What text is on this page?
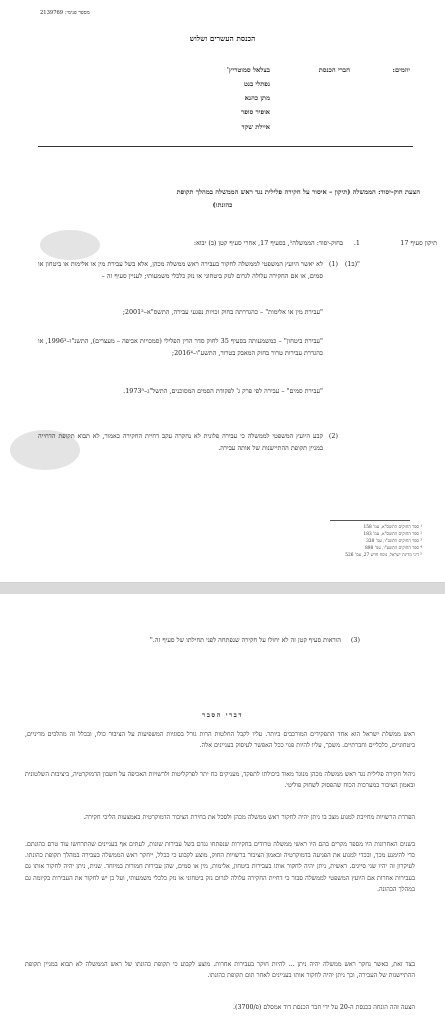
מספר פנימי: 2139769
הכנסת העשרים ושלוש
יוזמים:
חברי הכנסת
בצלאל סמוטריץ'
נפתלי בנט
מתן כהנא
אופיר סופר
איילת שקד
הצעת חוק-יסוד: הממשלה (תיקון – איסור על חקירה פלילית נגד ראש הממשלה במהלך תקופת
כהונתו)
תיקון סעיף 17
1.
בחוק-יסוד: הממשלה¹, בסעיף 17, אחרי סעיף קטן (ב) יבוא:
"(ב1)
(1)
לא יאשר היועץ המשפטי לממשלה לחקור בעבירה ראש ממשלה מכהן, אלא בשל עבירת מין או אלימות או ביטחון או סמים, או אם החקירה עלולה לגרום לנזק ביטחוני או נזק כלכלי משמעותי; לעניין סעיף זה –
"עבירת מין או אלימות" – כהגדרתה בחוק זכויות נפגעי עבירה, התשס"א–2001²;
"עבירת ביטחון" – כמשמעותה בסעיף 35 לחוק סדר הדין הפלילי (סמכויות אכיפה – מעצרים), התשנ"ו–1996³, או כהגדרת עבירות טרור בחוק המאבק בטרור, התשע"ו–2016⁴;
"עבירת סמים" – עבירה לפי פרק ג' לפקודת הסמים המסוכנים, התשל"ג–1973⁵.
(2)
קבע היועץ המשפטי לממשלה כי עבירה פלונית לא נחקרה עקב דחיית החקירה כאמור, לא תבוא תקופת הדחייה במניין תקופת ההתיישנות של אותה עבירה.
¹ ספר החוקים התשס"א, עמ' 158
² ספר החוקים התשס"א, עמ' 183
³ ספר החוקים התשנ"ו, עמ' 338
⁴ ספר החוקים התשע"ו, עמ' 898
⁵ דיני מדינת ישראל, נוסח חדש 27, עמ' 526
(3)
הוראות סעיף קטן זה לא יחולו על חקירה שנפתחה לפני תחילתו של סעיף זה."
דברי הסבר
ראש ממשלת ישראל הוא אחד התפקידים המורכבים ביותר. עליו לקבל החלטות הרות גורל בסוגיות המשפיעות על הציבור כולו, ובכלל זה מהלכים מדיניים, ביטחוניים, כלכליים וחברתיים. משכך, עליו להיות פנוי ככל האפשר לעיסוק בעניינים אלה.
ניהול חקירה פלילית נגד ראש ממשלה מכהן מנוגד מאוד ביכולתו לתפקד, מעניקים כח יתר לפרקליטות ולרשויות האכיפה על חשבון הדמוקרטיה, ביציבות השלטונית ובאמון הציבור במערכות הכוח שהפסוק לשחוק פוליטי.
הפרדת הרשויות מחייבת למנוע מצב בו ניתן יהיה לחקור ראש ממשלה מכהן ולסכל את בחירת הציבור הדמוקרטית באמצעות הליכי חקירה.
בשנים האחרונות היו מספר מקרים בהם היו ראשי ממשלה טרודים בחקירות שנפתחו נגדם בשל עבירות שונות, לעתים אף בעניינים שהתרחשו עוד טרם כהונתם. כדי להימנע מכך, ובכדי למנוע את הפגיעה בדמוקרטיה ובאמון הציבור ברשויות החוק, מוצע לקבוע כי ככלל, ייחקר ראש הממשלה בעבירה במהלך תקופת כהונתו. לעיקרון זה יהיו שני סייגים. ראשית, ניתן יהיה לחקור אותו בעבירות ביטחון, אלימות, מין או סמים, שהן עבירות חמורות במיוחד. שנית, ניתן יהיה לחקור אותו גם בעבירות אחרות אם היועץ המשפטי לממשלה סבור כי דחיית החקירה עלולה לגרום נזק ביטחוני או נזק כלכלי משמעותי, ועל כן יש לחקור את העבירות בקיומה גם במהלך הכהונה.
בצד זאת, כאשר נחקר ראש ממשלה יהיה ניתן ... להיות חוקר בעבירות אחרות. מוצע לקבוע כי תקופת כהונתו של ראש הממשלה לא תבוא במניין תקופת ההתיישנות של העבירה, וכך ניתן יהיה לחקור אותו בעניינים לאחר תום תקופת כהונתו.
הצעה זהה הונחה בכנסת ה-20 על ידי חבר הכנסת דוד אמסלם (פ/3700).
